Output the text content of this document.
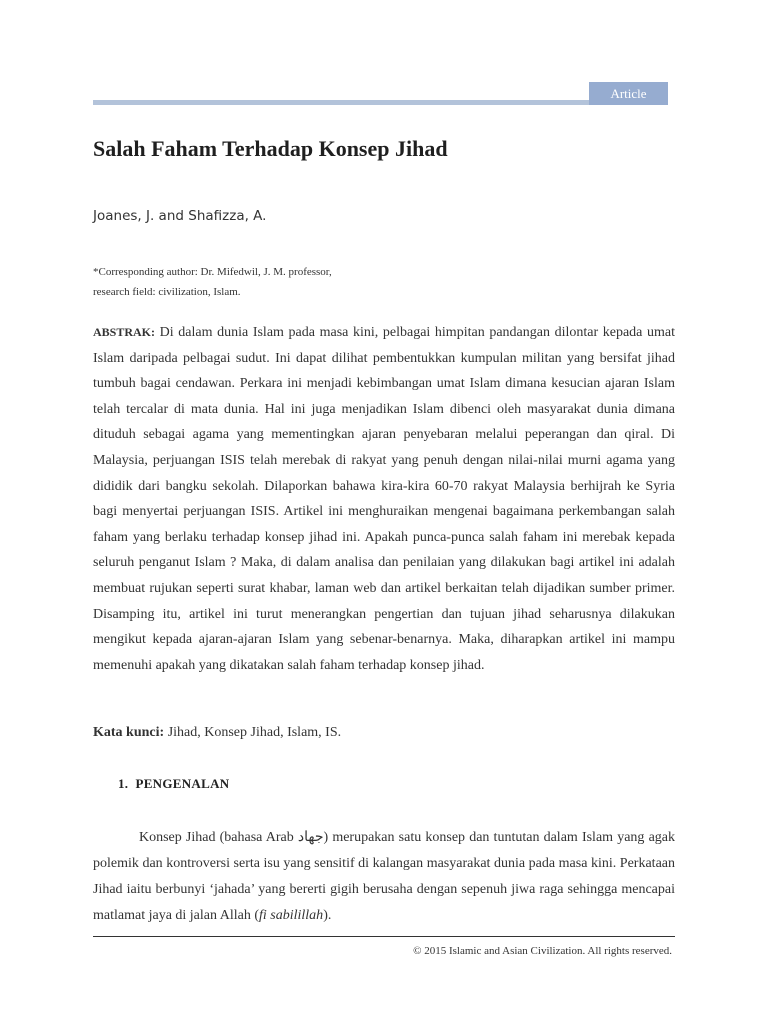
Article
Salah Faham Terhadap Konsep Jihad
Joanes, J. and Shafizza, A.
*Corresponding author: Dr. Mifedwil, J. M. professor,
research field: civilization, Islam.

ABSTRAK: Di dalam dunia Islam pada masa kini, pelbagai himpitan pandangan dilontar kepada umat Islam daripada pelbagai sudut. Ini dapat dilihat pembentukkan kumpulan militan yang bersifat jihad tumbuh bagai cendawan. Perkara ini menjadi kebimbangan umat Islam dimana kesucian ajaran Islam telah tercalar di mata dunia. Hal ini juga menjadikan Islam dibenci oleh masyarakat dunia dimana dituduh sebagai agama yang mementingkan ajaran penyebaran melalui peperangan dan qiral. Di Malaysia, perjuangan ISIS telah merebak di rakyat yang penuh dengan nilai-nilai murni agama yang dididik dari bangku sekolah. Dilaporkan bahawa kira-kira 60-70 rakyat Malaysia berhijrah ke Syria bagi menyertai perjuangan ISIS. Artikel ini menghuraikan mengenai bagaimana perkembangan salah faham yang berlaku terhadap konsep jihad ini. Apakah punca-punca salah faham ini merebak kepada seluruh penganut Islam ? Maka, di dalam analisa dan penilaian yang dilakukan bagi artikel ini adalah membuat rujukan seperti surat khabar, laman web dan artikel berkaitan telah dijadikan sumber primer. Disamping itu, artikel ini turut menerangkan pengertian dan tujuan jihad seharusnya dilakukan mengikut kepada ajaran-ajaran Islam yang sebenar-benarnya. Maka, diharapkan artikel ini mampu memenuhi apakah yang dikatakan salah faham terhadap konsep jihad.

Kata kunci: Jihad, Konsep Jihad, Islam, IS.
1.  PENGENALAN

Konsep Jihad (bahasa Arab جهاد) merupakan satu konsep dan tuntutan dalam Islam yang agak polemik dan kontroversi serta isu yang sensitif di kalangan masyarakat dunia pada masa kini. Perkataan Jihad iaitu berbunyi ‘jahada’ yang bererti gigih berusaha dengan sepenuh jiwa raga sehingga mencapai matlamat jaya di jalan Allah (fi sabilillah).

© 2015 Islamic and Asian Civilization. All rights reserved.
